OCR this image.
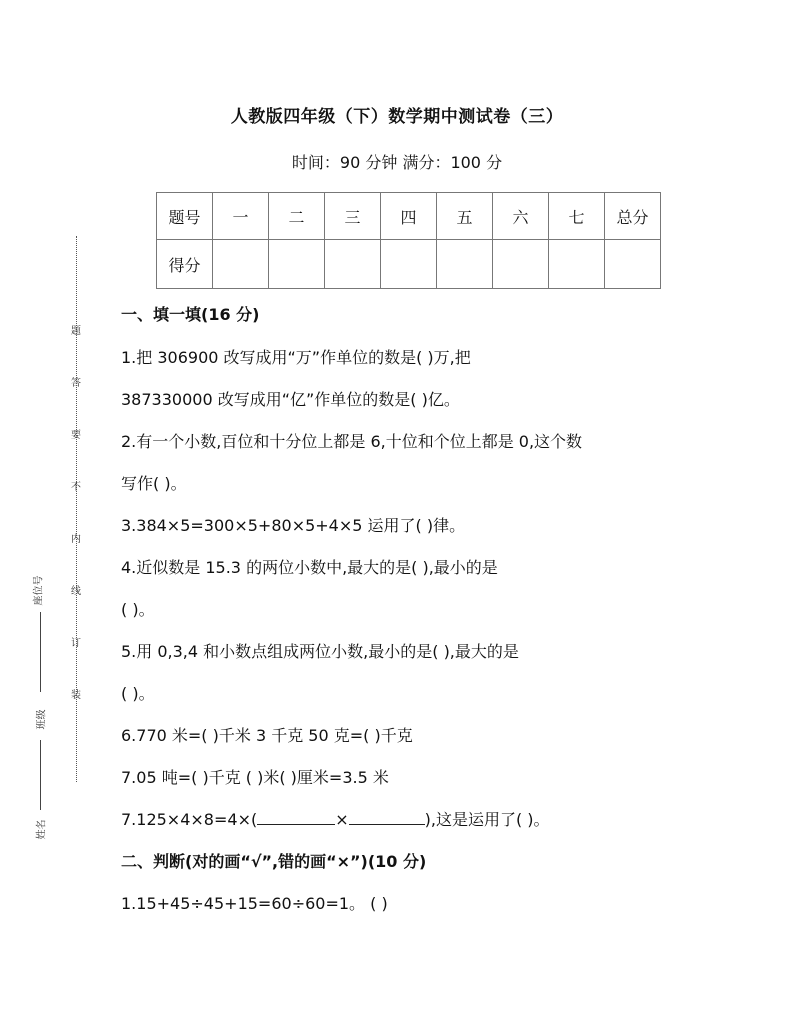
人教版四年级（下）数学期中测试卷（三）
时间：90 分钟 满分：100 分
题号	一	二	三	四	五	六	七	总分
得分								
题
答
要
不
内
线
订
装
座位号
班级
姓名
一、填一填(16 分)
1.把 306900 改写成用“万”作单位的数是( )万,把
387330000 改写成用“亿”作单位的数是( )亿。
2.有一个小数,百位和十分位上都是 6,十位和个位上都是 0,这个数
写作( )。
3.384×5=300×5+80×5+4×5 运用了( )律。
4.近似数是 15.3 的两位小数中,最大的是( ),最小的是
( )。
5.用 0,3,4 和小数点组成两位小数,最小的是( ),最大的是
( )。
6.770 米=( )千米 3 千克 50 克=( )千克
7.05 吨=( )千克 ( )米( )厘米=3.5 米
7.125×4×8=4×(	×	),这是运用了( )。
二、判断(对的画“√”,错的画“×”)(10 分)
1.15+45÷45+15=60÷60=1。 ( )
